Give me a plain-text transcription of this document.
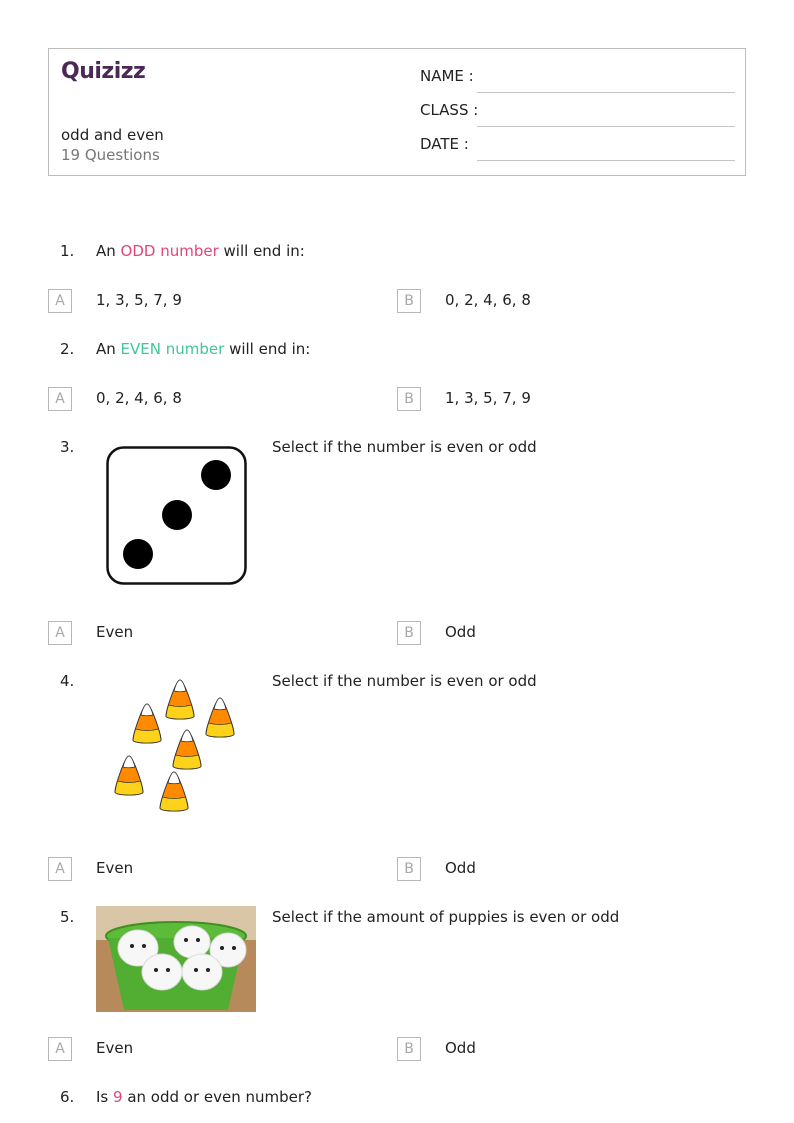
Quizizz
odd and even
19 Questions
NAME :
CLASS :
DATE :
1. An ODD number will end in:
A	1, 3, 5, 7, 9	B	0, 2, 4, 6, 8
2. An EVEN number will end in:
A	0, 2, 4, 6, 8	B	1, 3, 5, 7, 9
3.	Select if the number is even or odd
A	Even	B	Odd
4.	Select if the number is even or odd
A	Even	B	Odd
5.	Select if the amount of puppies is even or odd
A	Even	B	Odd
6. Is 9 an odd or even number?
